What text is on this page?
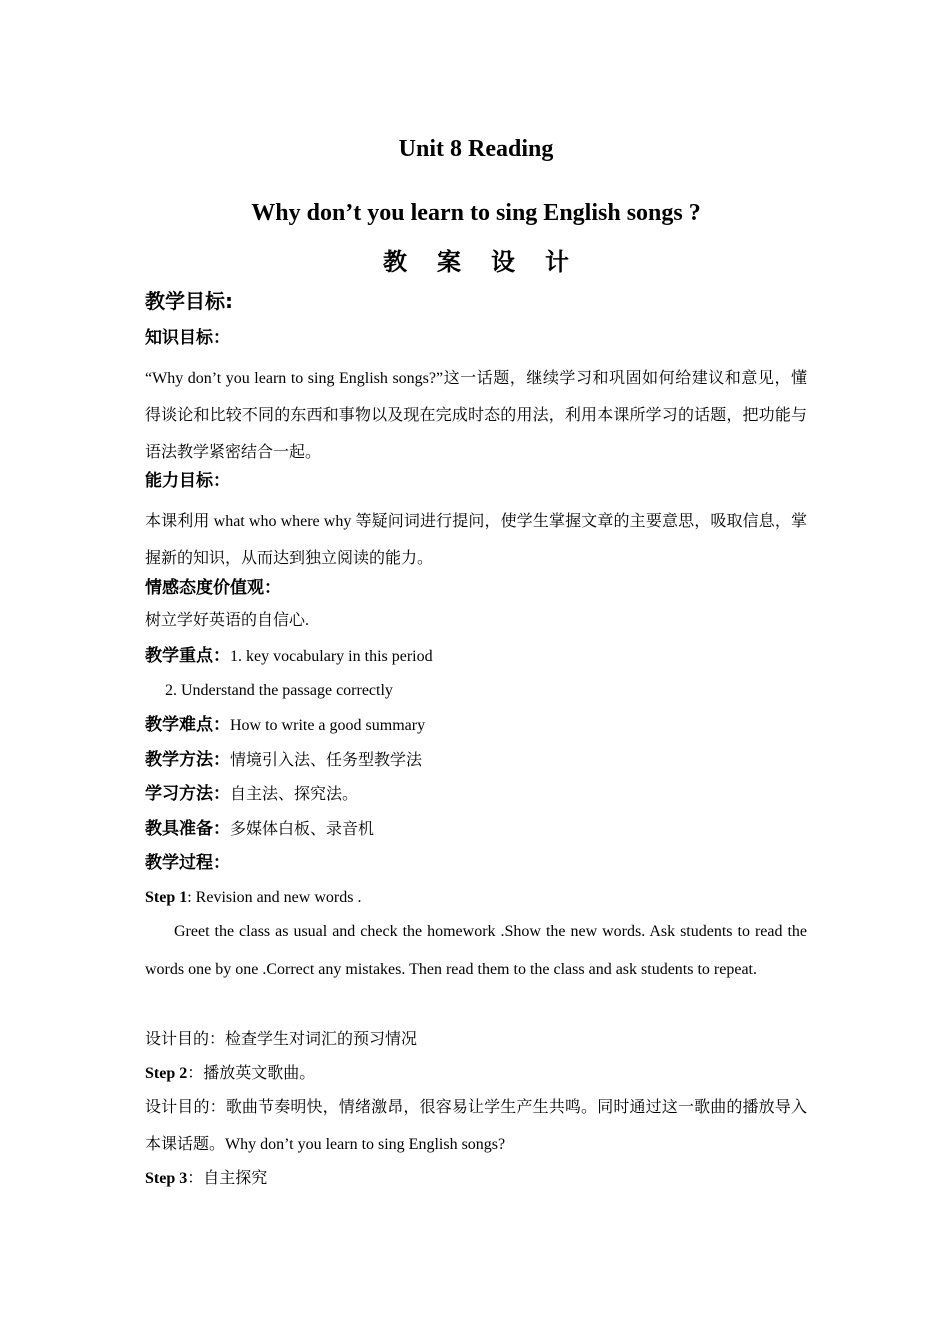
Unit 8 Reading
Why don’t you learn to sing English songs ?
教 案 设 计
教学目标:
知识目标：
“Why don’t you learn to sing English songs?”这一话题，继续学习和巩固如何给建议和意见，懂得谈论和比较不同的东西和事物以及现在完成时态的用法，利用本课所学习的话题，把功能与语法教学紧密结合一起。
能力目标：
本课利用 what who where why 等疑问词进行提问，使学生掌握文章的主要意思，吸取信息，掌握新的知识，从而达到独立阅读的能力。
情感态度价值观：
树立学好英语的自信心.
教学重点：1. key vocabulary in this period
2. Understand the passage correctly
教学难点：How to write a good summary
教学方法：情境引入法、任务型教学法
学习方法：自主法、探究法。
教具准备：多媒体白板、录音机
教学过程：
Step 1: Revision and new words .
Greet the class as usual and check the homework .Show the new words. Ask students to read the words one by one .Correct any mistakes. Then read them to the class and ask students to repeat.
设计目的：检查学生对词汇的预习情况
Step 2：播放英文歌曲。
设计目的：歌曲节奏明快，情绪激昂，很容易让学生产生共鸣。同时通过这一歌曲的播放导入本课话题。Why don’t you learn to sing English songs?
Step 3：自主探究
